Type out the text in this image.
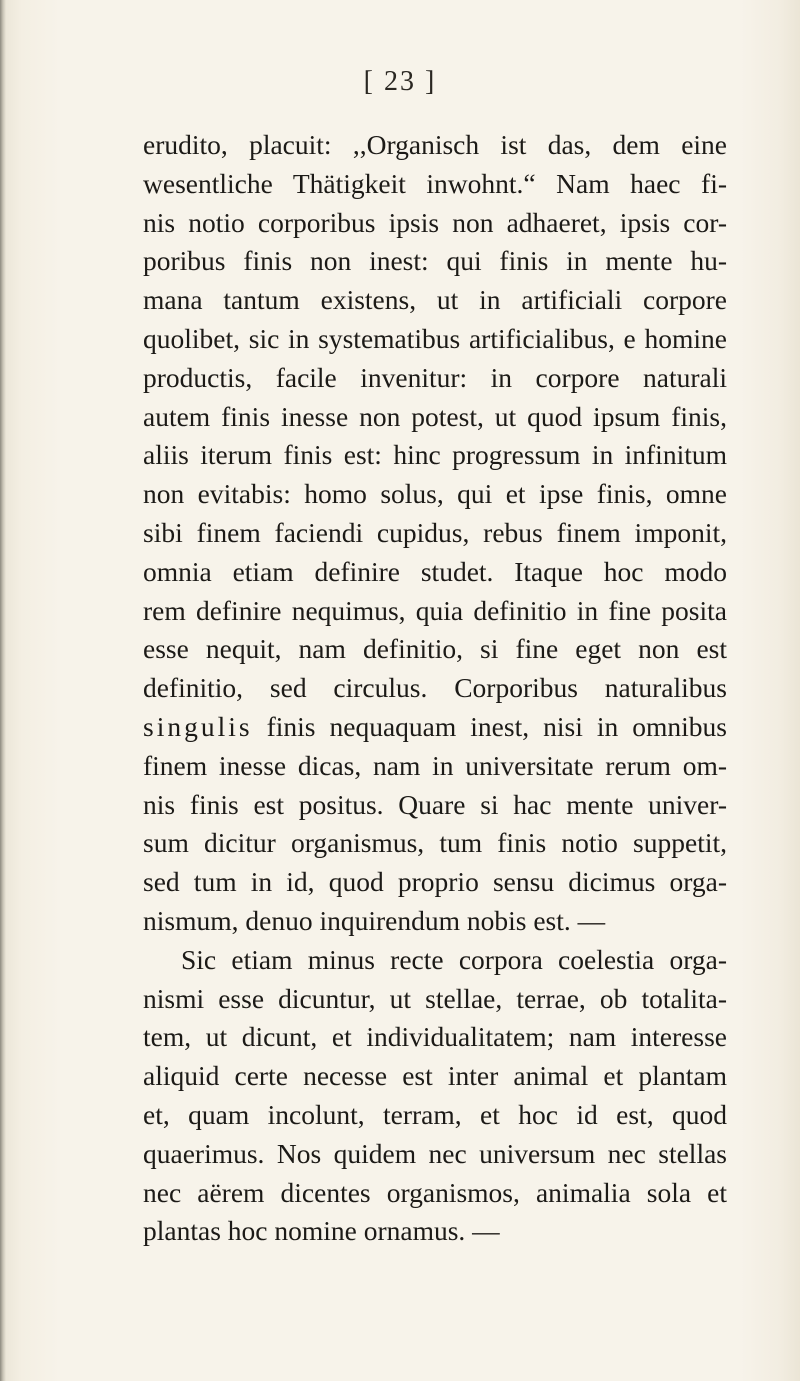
[ 23 ]
erudito, placuit: ,,Organisch ist das, dem eine
wesentliche Thätigkeit inwohnt.“ Nam haec fi-
nis notio corporibus ipsis non adhaeret, ipsis cor-
poribus finis non inest: qui finis in mente hu-
mana tantum existens, ut in artificiali corpore
quolibet, sic in systematibus artificialibus, e homine
productis, facile invenitur: in corpore naturali
autem finis inesse non potest, ut quod ipsum finis,
aliis iterum finis est: hinc progressum in infinitum
non evitabis: homo solus, qui et ipse finis, omne
sibi finem faciendi cupidus, rebus finem imponit,
omnia etiam definire studet. Itaque hoc modo
rem definire nequimus, quia definitio in fine posita
esse nequit, nam definitio, si fine eget non est
definitio, sed circulus. Corporibus naturalibus
singulis finis nequaquam inest, nisi in omnibus
finem inesse dicas, nam in universitate rerum om-
nis finis est positus. Quare si hac mente univer-
sum dicitur organismus, tum finis notio suppetit,
sed tum in id, quod proprio sensu dicimus orga-
nismum, denuo inquirendum nobis est. —
Sic etiam minus recte corpora coelestia orga-
nismi esse dicuntur, ut stellae, terrae, ob totalita-
tem, ut dicunt, et individualitatem; nam interesse
aliquid certe necesse est inter animal et plantam
et, quam incolunt, terram, et hoc id est, quod
quaerimus. Nos quidem nec universum nec stellas
nec aërem dicentes organismos, animalia sola et
plantas hoc nomine ornamus. —
